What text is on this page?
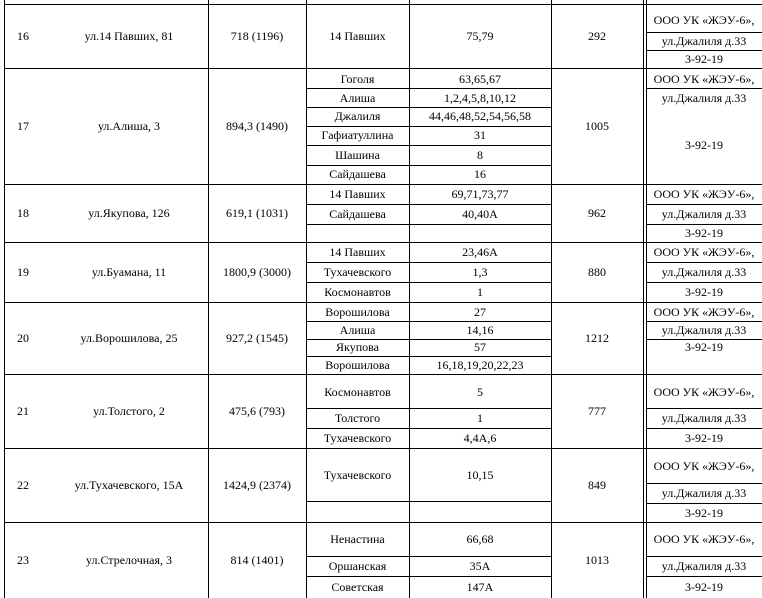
16	ул.14 Павших, 81	718 (1196)	292
14 Павших	75,79
ООО УК «ЖЭУ-6»,
ул.Джалиля д.33
3-92-19
17	ул.Алиша, 3	894,3 (1490)	1005
Гоголя	63,65,67
Алиша	1,2,4,5,8,10,12
Джалиля	44,46,48,52,54,56,58
Гафиатуллина	31
Шашина	8
Сайдашева	16
ООО УК «ЖЭУ-6»,
ул.Джалиля д.33
3-92-19
18	ул.Якупова, 126	619,1 (1031)	962
14 Павших	69,71,73,77
Сайдашева	40,40А
ООО УК «ЖЭУ-6»,
ул.Джалиля д.33
3-92-19
19	ул.Буамана, 11	1800,9 (3000)	880
14 Павших	23,46А
Тухачевского	1,3
Космонавтов	1
ООО УК «ЖЭУ-6»,
ул.Джалиля д.33
3-92-19
20	ул.Ворошилова, 25	927,2 (1545)	1212
Ворошилова	27
Алиша	14,16
Якупова	57
Ворошилова	16,18,19,20,22,23
ООО УК «ЖЭУ-6»,
ул.Джалиля д.33
3-92-19
21	ул.Толстого, 2	475,6 (793)	777
Космонавтов	5
Толстого	1
Тухачевского	4,4А,6
ООО УК «ЖЭУ-6»,
ул.Джалиля д.33
3-92-19
22	ул.Тухачевского, 15А	1424,9 (2374)	849
Тухачевского	10,15
ООО УК «ЖЭУ-6»,
ул.Джалиля д.33
3-92-19
23	ул.Стрелочная, 3	814 (1401)	1013
Ненастина	66,68
Оршанская	35А
Советская	147А
ООО УК «ЖЭУ-6»,
ул.Джалиля д.33
3-92-19
